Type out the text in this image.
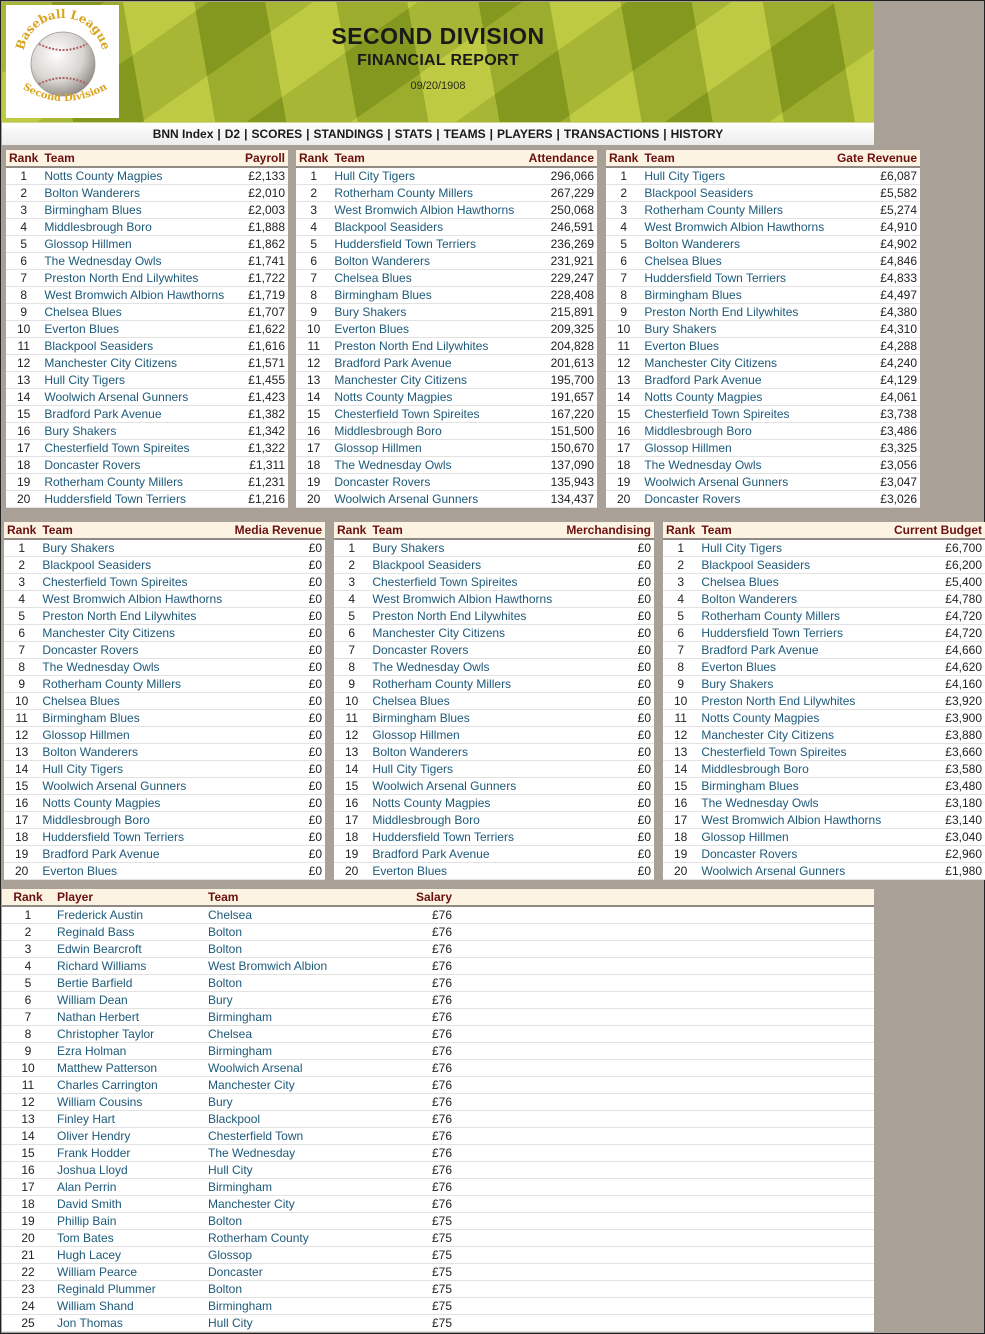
Baseball League
Second Division
SECOND DIVISION
FINANCIAL REPORT
09/20/1908
BNN Index | D2 | SCORES | STANDINGS | STATS | TEAMS | PLAYERS | TRANSACTIONS | HISTORY
Rank	Team	Payroll
1	Notts County Magpies	£2,133
2	Bolton Wanderers	£2,010
3	Birmingham Blues	£2,003
4	Middlesbrough Boro	£1,888
5	Glossop Hillmen	£1,862
6	The Wednesday Owls	£1,741
7	Preston North End Lilywhites	£1,722
8	West Bromwich Albion Hawthorns	£1,719
9	Chelsea Blues	£1,707
10	Everton Blues	£1,622
11	Blackpool Seasiders	£1,616
12	Manchester City Citizens	£1,571
13	Hull City Tigers	£1,455
14	Woolwich Arsenal Gunners	£1,423
15	Bradford Park Avenue	£1,382
16	Bury Shakers	£1,342
17	Chesterfield Town Spireites	£1,322
18	Doncaster Rovers	£1,311
19	Rotherham County Millers	£1,231
20	Huddersfield Town Terriers	£1,216
Rank	Team	Attendance
1	Hull City Tigers	296,066
2	Rotherham County Millers	267,229
3	West Bromwich Albion Hawthorns	250,068
4	Blackpool Seasiders	246,591
5	Huddersfield Town Terriers	236,269
6	Bolton Wanderers	231,921
7	Chelsea Blues	229,247
8	Birmingham Blues	228,408
9	Bury Shakers	215,891
10	Everton Blues	209,325
11	Preston North End Lilywhites	204,828
12	Bradford Park Avenue	201,613
13	Manchester City Citizens	195,700
14	Notts County Magpies	191,657
15	Chesterfield Town Spireites	167,220
16	Middlesbrough Boro	151,500
17	Glossop Hillmen	150,670
18	The Wednesday Owls	137,090
19	Doncaster Rovers	135,943
20	Woolwich Arsenal Gunners	134,437
Rank	Team	Gate Revenue
1	Hull City Tigers	£6,087
2	Blackpool Seasiders	£5,582
3	Rotherham County Millers	£5,274
4	West Bromwich Albion Hawthorns	£4,910
5	Bolton Wanderers	£4,902
6	Chelsea Blues	£4,846
7	Huddersfield Town Terriers	£4,833
8	Birmingham Blues	£4,497
9	Preston North End Lilywhites	£4,380
10	Bury Shakers	£4,310
11	Everton Blues	£4,288
12	Manchester City Citizens	£4,240
13	Bradford Park Avenue	£4,129
14	Notts County Magpies	£4,061
15	Chesterfield Town Spireites	£3,738
16	Middlesbrough Boro	£3,486
17	Glossop Hillmen	£3,325
18	The Wednesday Owls	£3,056
19	Woolwich Arsenal Gunners	£3,047
20	Doncaster Rovers	£3,026
Rank	Team	Media Revenue
1	Bury Shakers	£0
2	Blackpool Seasiders	£0
3	Chesterfield Town Spireites	£0
4	West Bromwich Albion Hawthorns	£0
5	Preston North End Lilywhites	£0
6	Manchester City Citizens	£0
7	Doncaster Rovers	£0
8	The Wednesday Owls	£0
9	Rotherham County Millers	£0
10	Chelsea Blues	£0
11	Birmingham Blues	£0
12	Glossop Hillmen	£0
13	Bolton Wanderers	£0
14	Hull City Tigers	£0
15	Woolwich Arsenal Gunners	£0
16	Notts County Magpies	£0
17	Middlesbrough Boro	£0
18	Huddersfield Town Terriers	£0
19	Bradford Park Avenue	£0
20	Everton Blues	£0
Rank	Team	Merchandising
1	Bury Shakers	£0
2	Blackpool Seasiders	£0
3	Chesterfield Town Spireites	£0
4	West Bromwich Albion Hawthorns	£0
5	Preston North End Lilywhites	£0
6	Manchester City Citizens	£0
7	Doncaster Rovers	£0
8	The Wednesday Owls	£0
9	Rotherham County Millers	£0
10	Chelsea Blues	£0
11	Birmingham Blues	£0
12	Glossop Hillmen	£0
13	Bolton Wanderers	£0
14	Hull City Tigers	£0
15	Woolwich Arsenal Gunners	£0
16	Notts County Magpies	£0
17	Middlesbrough Boro	£0
18	Huddersfield Town Terriers	£0
19	Bradford Park Avenue	£0
20	Everton Blues	£0
Rank	Team	Current Budget
1	Hull City Tigers	£6,700
2	Blackpool Seasiders	£6,200
3	Chelsea Blues	£5,400
4	Bolton Wanderers	£4,780
5	Rotherham County Millers	£4,720
6	Huddersfield Town Terriers	£4,720
7	Bradford Park Avenue	£4,660
8	Everton Blues	£4,620
9	Bury Shakers	£4,160
10	Preston North End Lilywhites	£3,920
11	Notts County Magpies	£3,900
12	Manchester City Citizens	£3,880
13	Chesterfield Town Spireites	£3,660
14	Middlesbrough Boro	£3,580
15	Birmingham Blues	£3,480
16	The Wednesday Owls	£3,180
17	West Bromwich Albion Hawthorns	£3,140
18	Glossop Hillmen	£3,040
19	Doncaster Rovers	£2,960
20	Woolwich Arsenal Gunners	£1,980
Rank	Player	Team	Salary	
1	Frederick Austin	Chelsea	£76	
2	Reginald Bass	Bolton	£76	
3	Edwin Bearcroft	Bolton	£76	
4	Richard Williams	West Bromwich Albion	£76	
5	Bertie Barfield	Bolton	£76	
6	William Dean	Bury	£76	
7	Nathan Herbert	Birmingham	£76	
8	Christopher Taylor	Chelsea	£76	
9	Ezra Holman	Birmingham	£76	
10	Matthew Patterson	Woolwich Arsenal	£76	
11	Charles Carrington	Manchester City	£76	
12	William Cousins	Bury	£76	
13	Finley Hart	Blackpool	£76	
14	Oliver Hendry	Chesterfield Town	£76	
15	Frank Hodder	The Wednesday	£76	
16	Joshua Lloyd	Hull City	£76	
17	Alan Perrin	Birmingham	£76	
18	David Smith	Manchester City	£76	
19	Phillip Bain	Bolton	£75	
20	Tom Bates	Rotherham County	£75	
21	Hugh Lacey	Glossop	£75	
22	William Pearce	Doncaster	£75	
23	Reginald Plummer	Bolton	£75	
24	William Shand	Birmingham	£75	
25	Jon Thomas	Hull City	£75	
